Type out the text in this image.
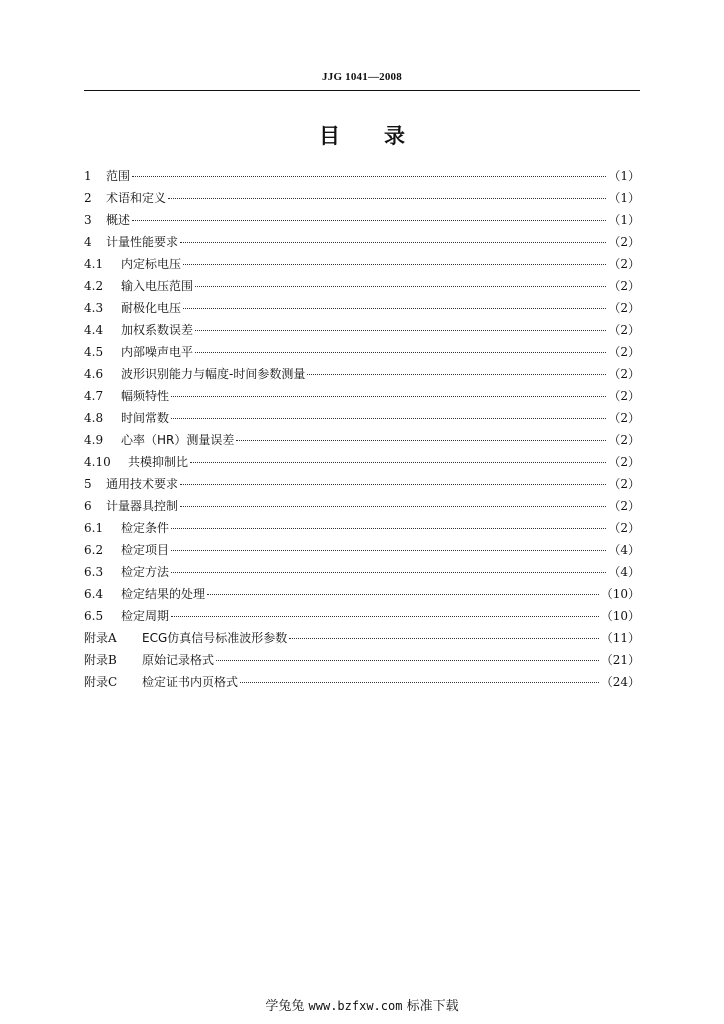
JJG 1041—2008
目 录
1	范围	（1）
2	术语和定义	（1）
3	概述	（1）
4	计量性能要求	（2）
4.1	内定标电压	（2）
4.2	输入电压范围	（2）
4.3	耐极化电压	（2）
4.4	加权系数误差	（2）
4.5	内部噪声电平	（2）
4.6	波形识别能力与幅度-时间参数测量	（2）
4.7	幅频特性	（2）
4.8	时间常数	（2）
4.9	心率（HR）测量误差	（2）
4.10	共模抑制比	（2）
5	通用技术要求	（2）
6	计量器具控制	（2）
6.1	检定条件	（2）
6.2	检定项目	（4）
6.3	检定方法	（4）
6.4	检定结果的处理	（10）
6.5	检定周期	（10）
附录A	ECG仿真信号标准波形参数	（11）
附录B	原始记录格式	（21）
附录C	检定证书内页格式	（24）
学兔兔 www.bzfxw.com 标准下载
